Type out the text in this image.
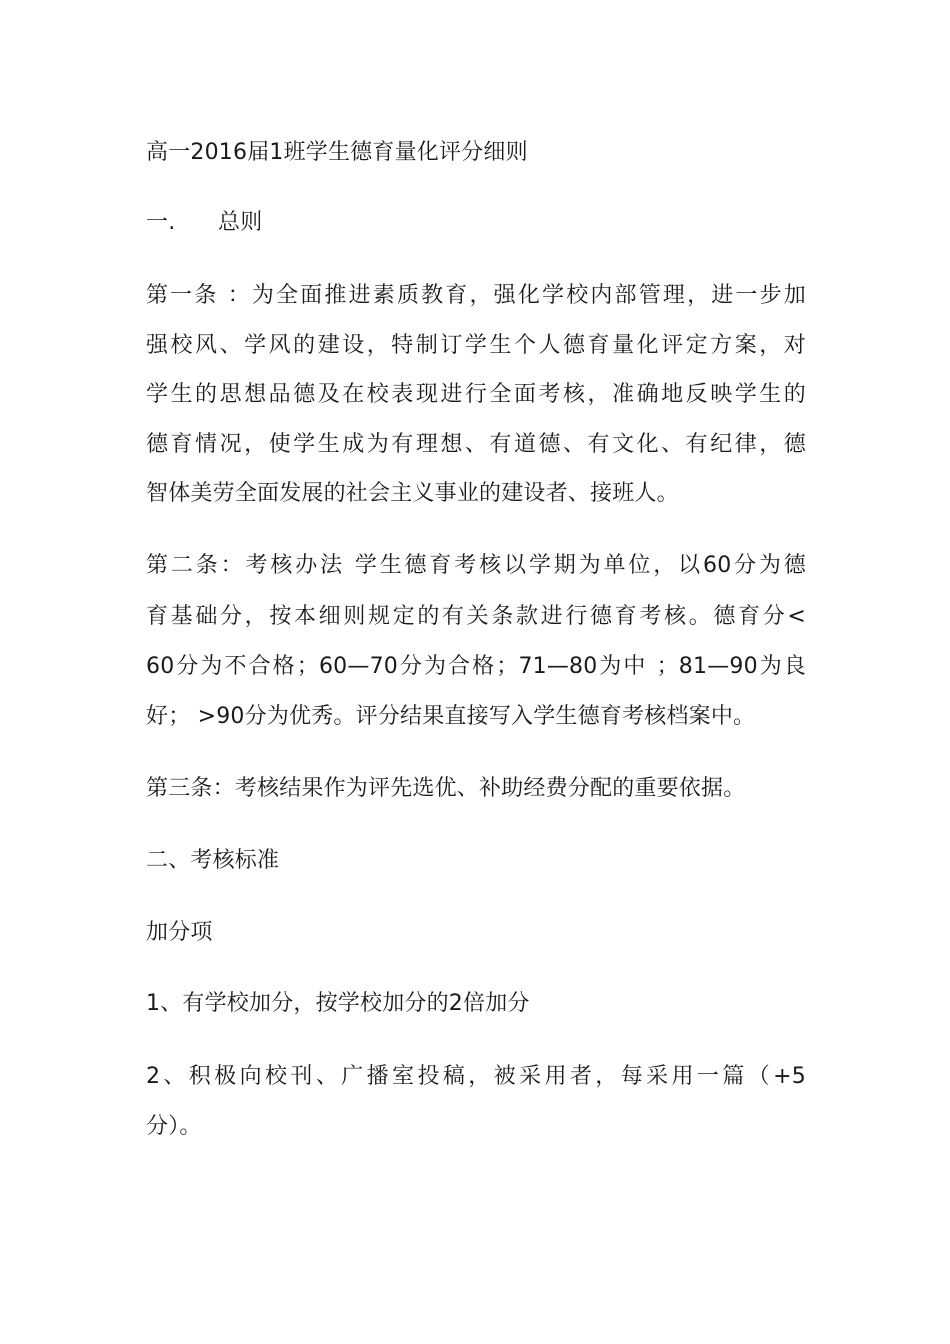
高一2016届1班学生德育量化评分细则
一. 总则
第一条 ：为全面推进素质教育，强化学校内部管理，进一步加
强校风、学风的建设，特制订学生个人德育量化评定方案，对
学生的思想品德及在校表现进行全面考核，准确地反映学生的
德育情况，使学生成为有理想、有道德、有文化、有纪律，德
智体美劳全面发展的社会主义事业的建设者、接班人。
第二条：考核办法 学生德育考核以学期为单位，以60分为德
育基础分，按本细则规定的有关条款进行德育考核。德育分<
60分为不合格；60—70分为合格；71—80为中 ；81—90为良
好； >90分为优秀。评分结果直接写入学生德育考核档案中。
第三条：考核结果作为评先选优、补助经费分配的重要依据。
二、考核标准
加分项
1、有学校加分，按学校加分的2倍加分
2、积极向校刊、广播室投稿，被采用者，每采用一篇（+5
分）。
